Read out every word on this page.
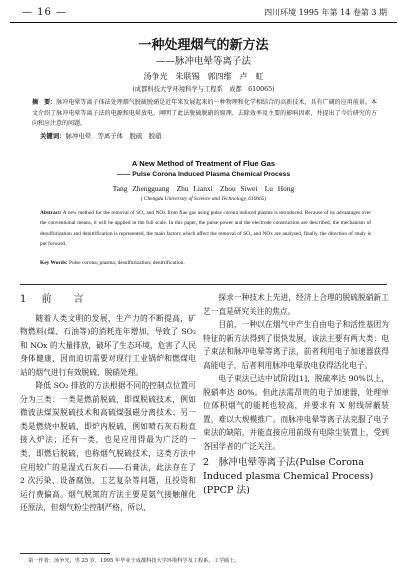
— 16 —	四川环境 1995 年第 14 卷第 3 期
一种处理烟气的新方法
——脉冲电晕等离子法
汤争光　朱联锡　郭四维　卢　虹
(成都科技大学环境科学与工程系　成都　610065)
摘　要：脉冲电晕等离子体法处理烟气脱硫脱硝是近年来发展起来的一种物理和化学相结合的高新技术，具有广阔的应用前景。本文介绍了脉冲电晕等离子法的电源和电晕放电，阐明了此法脱硫脱硝的原理、去除效率及主要的影响因素，并提出了今后研究的方向和应注意的问题。
关键词：脉冲电晕　等离子体　脱硫　脱硝
A New Method of Treatment of Flue Gas
—— Pulse Corona Induced Plasma Chemical Process
Tang Zhengguang　Zhu Lianxi　Zhou Siwei　Lu Hong
( Chengdu University of Science and Technology, 610065)
Abstract: A new method for the removal of SO₂ and NOx from flue gas using pulse corona induced plasma is introduced. Because of its advantages over the conventional means, it will be applied in the full scale. In this paper, the pulse power and the electrode construction are described, the mechanism of desulfurization and denitrification is represented, the main factors which affect the removal of SO₂ and NOx are analysed, finally, the direction of study is put forward.
Key Words: Pulse corona; plasma; desulfurization; denitrification.
1 前　言

随着人类文明的发展，生产力的不断提高，矿物燃料(煤、石油等)的消耗连年增加，导致了 SO₂ 和 NOx 的大量排放，破坏了生态环境，危害了人民身体健康，因而迫切需要对现行工业锅炉和燃煤电站的烟气进行有效脱硫、脱硝处理。

降低 SO₂ 排放的方法根据不同的控制点位置可分为三类：一类是燃前脱硫，即煤脱硫技术，例如微波法煤炭脱硫技术和高硫煤强磁分离技术；另一类是燃烧中脱硫，即炉内脱硫，例如喷石灰石粉直接入炉法；还有一类，也是应用得最为广泛的一类，即燃后脱硫，也称烟气脱硫技术，这类方法中应用较广的是湿式石灰石——石膏法，此法存在了 2 次污染、设备腐蚀、工艺复杂等问题，且投资和运行费偏高。烟气脱氮的方法主要是氨气接触催化还原法，但烟气粉尘控制严格，所以，

探求一种技术上先进，经济上合理的脱硫脱硝新工艺一直是研究关注的焦点。

目前，一种以在烟气中产生自由电子和活性基团为特征的新方法得到了很快发展，该法主要有两大类：电子束法和脉冲电晕等离子法，前者利用电子加速器获得高能电子，后者利用脉冲电晕放电获得活化电子。

电子束法已达中试阶段[1]，脱硫率达 90%以上，脱硝率达 80%。但此法需昂贵的电子加速器，处理单位体积烟气的能耗也较高，并要求有 X 射线屏蔽装置，难以大规模推广。而脉冲电晕等离子法克服了电子束法的缺陷，并能直接应用前级有电除尘装置上，受到各国学者的广泛关注。

2　脉冲电晕等离子法(Pulse Corona Induced plasma Chemical Process)(PPCP 法)
第一作者：汤争光，男 25 岁，1995 年毕业于成都科技大学环境科学及工程系，工学硕士。
